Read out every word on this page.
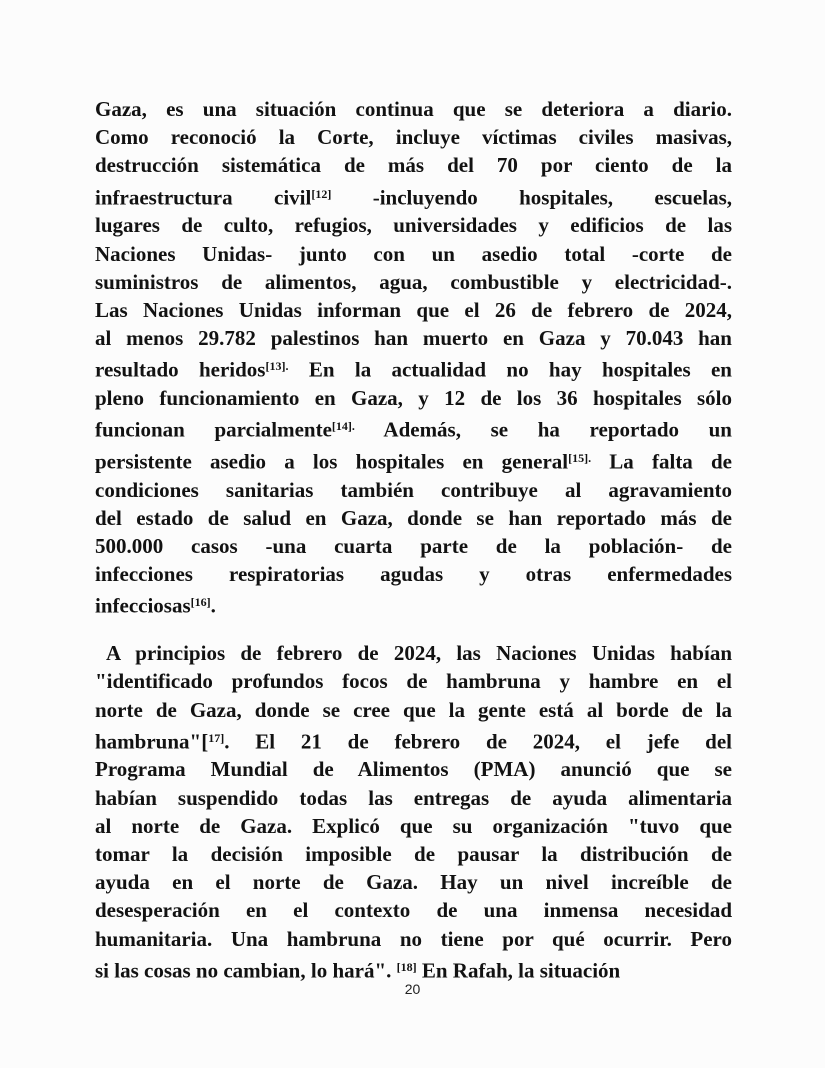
Gaza, es una situación continua que se deteriora a diario.
Como reconoció la Corte, incluye víctimas civiles masivas,
destrucción sistemática de más del 70 por ciento de la
infraestructura civil[12] -incluyendo hospitales, escuelas,
lugares de culto, refugios, universidades y edificios de las
Naciones Unidas- junto con un asedio total -corte de
suministros de alimentos, agua, combustible y electricidad-.
Las Naciones Unidas informan que el 26 de febrero de 2024,
al menos 29.782 palestinos han muerto en Gaza y 70.043 han
resultado heridos$^{[13].}$ En la actualidad no hay hospitales en
pleno funcionamiento en Gaza, y 12 de los 36 hospitales sólo
funcionan parcialmente$^{[14].}$ Además, se ha reportado un
persistente asedio a los hospitales en general$^{[15].}$ La falta de
condiciones sanitarias también contribuye al agravamiento
del estado de salud en Gaza, donde se han reportado más de
500.000 casos -una cuarta parte de la población- de
infecciones respiratorias agudas y otras enfermedades
infecciosas[16].
A principios de febrero de 2024, las Naciones Unidas habían
"identificado profundos focos de hambruna y hambre en el
norte de Gaza, donde se cree que la gente está al borde de la
hambruna"[$^{17]}$. El 21 de febrero de 2024, el jefe del
Programa Mundial de Alimentos (PMA) anunció que se
habían suspendido todas las entregas de ayuda alimentaria
al norte de Gaza. Explicó que su organización "tuvo que
tomar la decisión imposible de pausar la distribución de
ayuda en el norte de Gaza. Hay un nivel increíble de
desesperación en el contexto de una inmensa necesidad
humanitaria. Una hambruna no tiene por qué ocurrir. Pero
si las cosas no cambian, lo hará". [18] En Rafah, la situación
20
